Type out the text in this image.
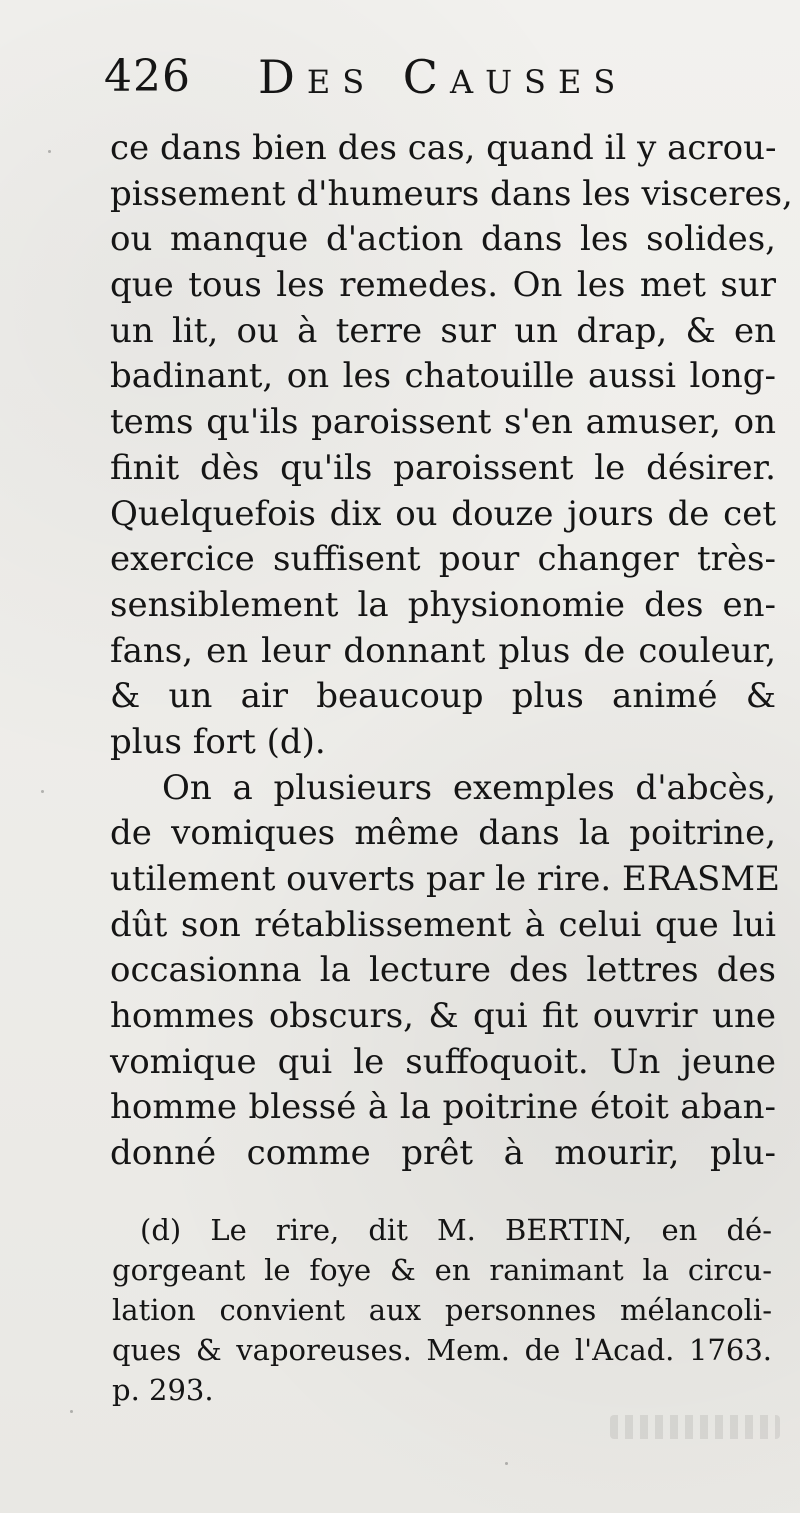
426 Des Causes
ce dans bien des cas, quand il y acrou-
pissement d'humeurs dans les visceres,
ou manque d'action dans les solides,
que tous les remedes. On les met sur
un lit, ou à terre sur un drap, & en
badinant, on les chatouille aussi long-
tems qu'ils paroissent s'en amuser, on
finit dès qu'ils paroissent le désirer.
Quelquefois dix ou douze jours de cet
exercice suffisent pour changer très-
sensiblement la physionomie des en-
fans, en leur donnant plus de couleur,
& un air beaucoup plus animé &
plus fort (d).
On a plusieurs exemples d'abcès,
de vomiques même dans la poitrine,
utilement ouverts par le rire. ERASME
dût son rétablissement à celui que lui
occasionna la lecture des lettres des
hommes obscurs, & qui fit ouvrir une
vomique qui le suffoquoit. Un jeune
homme blessé à la poitrine étoit aban-
donné comme prêt à mourir, plu-
(d) Le rire, dit M. BERTIN, en dé-
gorgeant le foye & en ranimant la circu-
lation convient aux personnes mélancoli-
ques & vaporeuses. Mem. de l'Acad. 1763.
p. 293.
